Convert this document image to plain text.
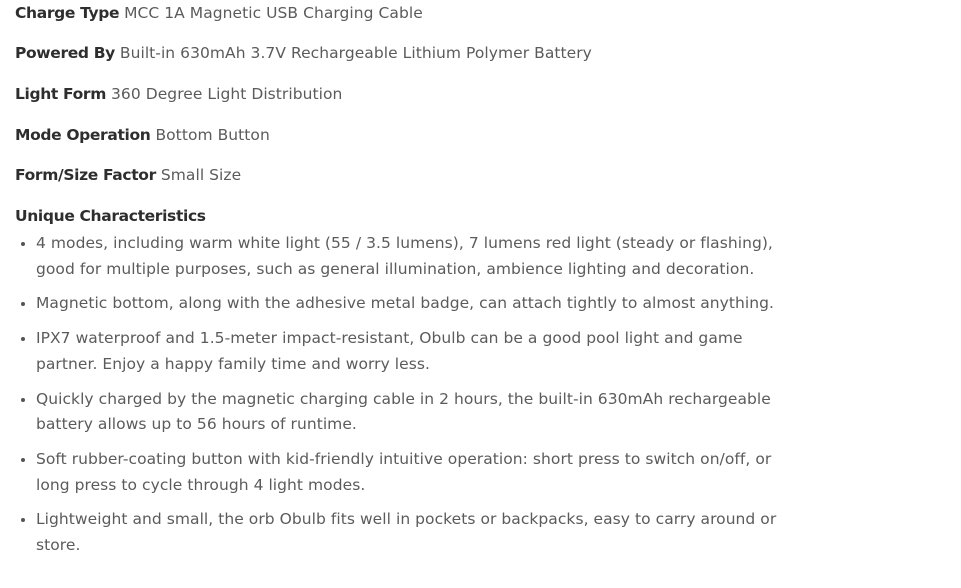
Charge Type MCC 1A Magnetic USB Charging Cable
Powered By Built-in 630mAh 3.7V Rechargeable Lithium Polymer Battery
Light Form 360 Degree Light Distribution
Mode Operation Bottom Button
Form/Size Factor Small Size
Unique Characteristics
4 modes, including warm white light (55 / 3.5 lumens), 7 lumens red light (steady or flashing), good for multiple purposes, such as general illumination, ambience lighting and decoration.
Magnetic bottom, along with the adhesive metal badge, can attach tightly to almost anything.
IPX7 waterproof and 1.5-meter impact-resistant, Obulb can be a good pool light and game partner. Enjoy a happy family time and worry less.
Quickly charged by the magnetic charging cable in 2 hours, the built-in 630mAh rechargeable battery allows up to 56 hours of runtime.
Soft rubber-coating button with kid-friendly intuitive operation: short press to switch on/off, or long press to cycle through 4 light modes.
Lightweight and small, the orb Obulb fits well in pockets or backpacks, easy to carry around or store.
